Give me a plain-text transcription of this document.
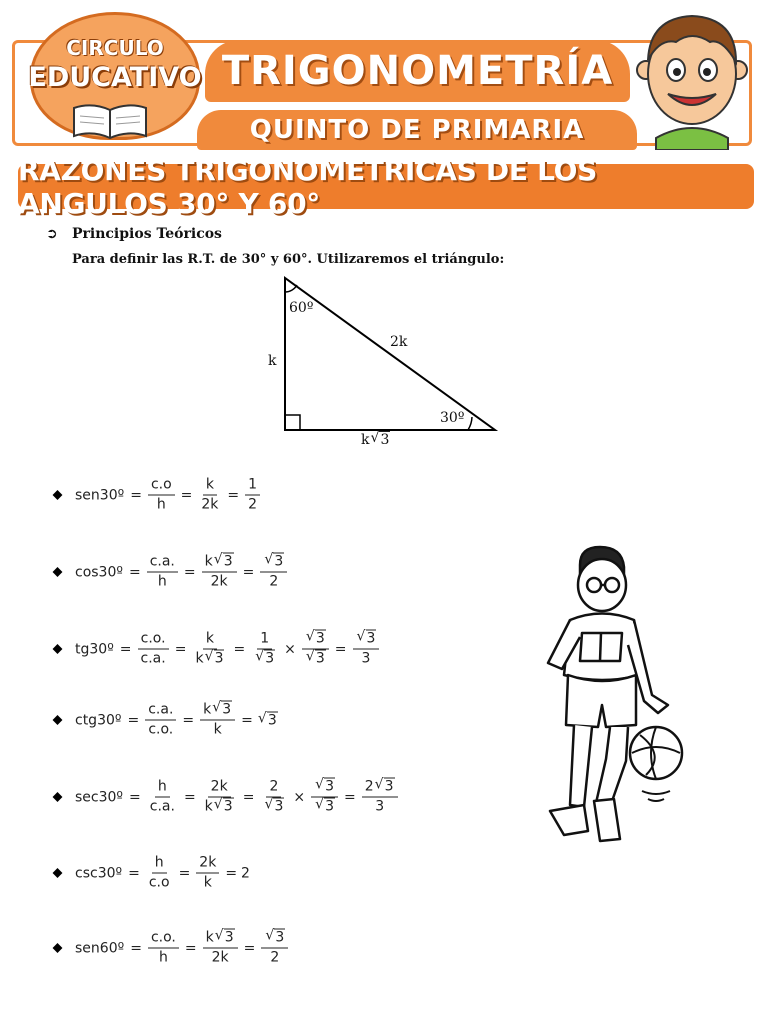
TRIGONOMETRÍA
QUINTO DE PRIMARIA
CIRCULO
EDUCATIVO
RAZONES TRIGONOMETRICAS DE LOS ANGULOS 30° Y 60°
➲ Principios Teóricos
Para definir las R.T. de 30° y 60°. Utilizaremos el triángulo:
60º
2k
k
30º
k √ 3
sen30º = $\frac{c.o}{h} = \frac{k}{2k} = \frac{1}{2}$
cos30º = $\frac{c.a.}{h} = \frac{k √ 3}{2k}$ = √ $\frac{3}{2}$
tg30º = $\frac{c.o.}{c.a.} = \frac{k}{k √ 3} = 1$
√ 3 × √ 3
√ 3 = √ $\frac{3}{3}$
ctg30º = $\frac{c.a.}{c.o.} = \frac{k √ 3}{k}$ =	√ 3
sec30º = $\frac{h}{c.a.} = \frac{2k}{k √ 3} = 2$
√ 3 × √ 3
√ $3 = \frac{2 √ 3}{3}$
csc30º = $\frac{h}{c.o} = \frac{2k}{k} = 2$
sen60º = $\frac{c.o.}{h} = \frac{k √ 3}{2k}$ = √ $\frac{3}{2}$
